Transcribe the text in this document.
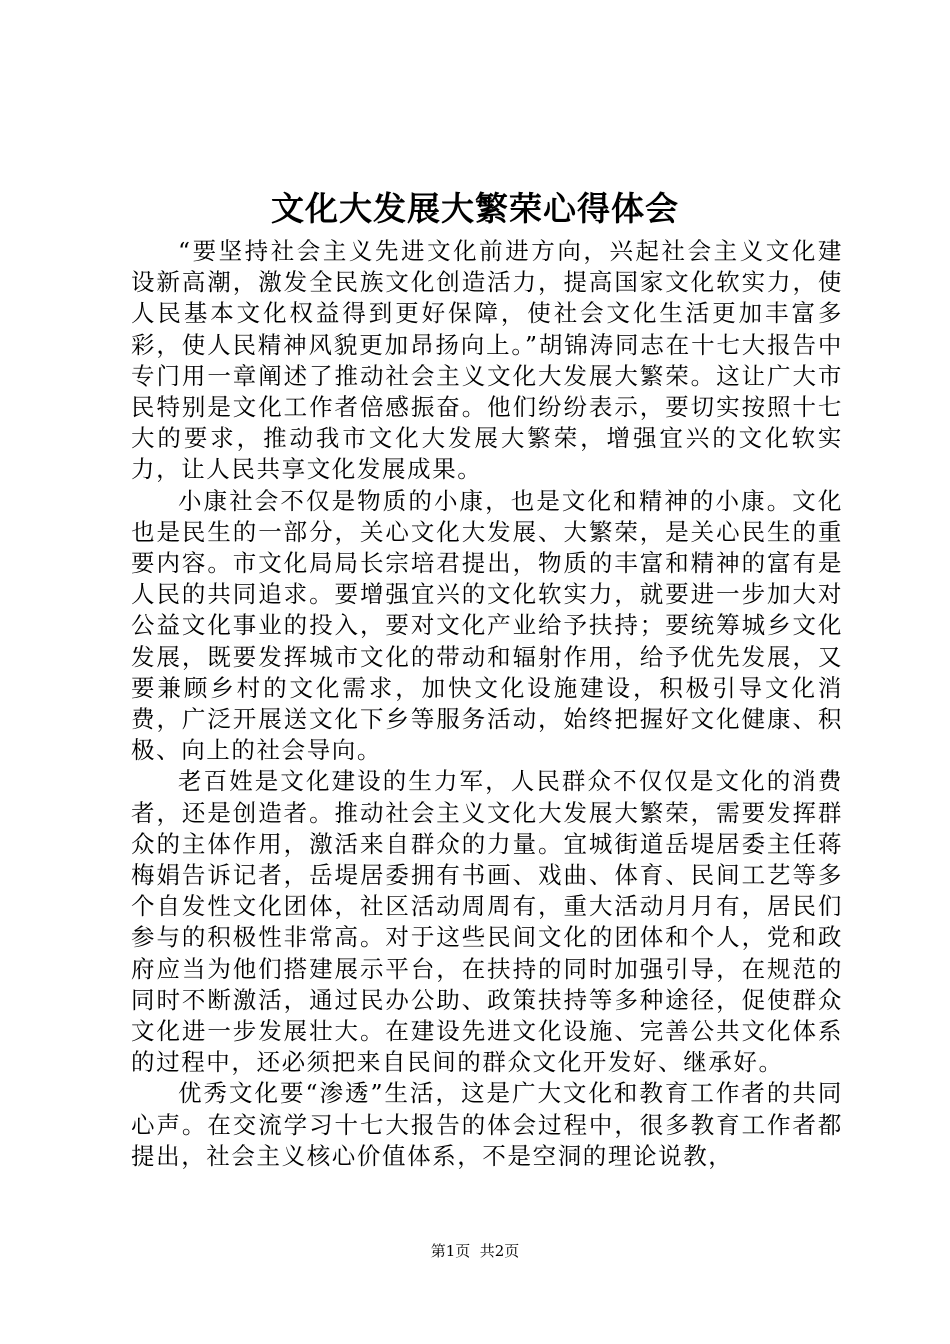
文化大发展大繁荣心得体会

“要坚持社会主义先进文化前进方向，兴起社会主义文化建设新高潮，激发全民族文化创造活力，提高国家文化软实力，使人民基本文化权益得到更好保障，使社会文化生活更加丰富多彩，使人民精神风貌更加昂扬向上。”胡锦涛同志在十七大报告中专门用一章阐述了推动社会主义文化大发展大繁荣。这让广大市民特别是文化工作者倍感振奋。他们纷纷表示，要切实按照十七大的要求，推动我市文化大发展大繁荣，增强宜兴的文化软实力，让人民共享文化发展成果。

小康社会不仅是物质的小康，也是文化和精神的小康。文化也是民生的一部分，关心文化大发展、大繁荣，是关心民生的重要内容。市文化局局长宗培君提出，物质的丰富和精神的富有是人民的共同追求。要增强宜兴的文化软实力，就要进一步加大对公益文化事业的投入，要对文化产业给予扶持；要统筹城乡文化发展，既要发挥城市文化的带动和辐射作用，给予优先发展，又要兼顾乡村的文化需求，加快文化设施建设，积极引导文化消费，广泛开展送文化下乡等服务活动，始终把握好文化健康、积极、向上的社会导向。

老百姓是文化建设的生力军，人民群众不仅仅是文化的消费者，还是创造者。推动社会主义文化大发展大繁荣，需要发挥群众的主体作用，激活来自群众的力量。宜城街道岳堤居委主任蒋梅娟告诉记者，岳堤居委拥有书画、戏曲、体育、民间工艺等多个自发性文化团体，社区活动周周有，重大活动月月有，居民们参与的积极性非常高。对于这些民间文化的团体和个人，党和政府应当为他们搭建展示平台，在扶持的同时加强引导，在规范的同时不断激活，通过民办公助、政策扶持等多种途径，促使群众文化进一步发展壮大。在建设先进文化设施、完善公共文化体系的过程中，还必须把来自民间的群众文化开发好、继承好。

优秀文化要“渗透”生活，这是广大文化和教育工作者的共同心声。在交流学习十七大报告的体会过程中，很多教育工作者都提出，社会主义核心价值体系，不是空洞的理论说教，

第1页  共2页
